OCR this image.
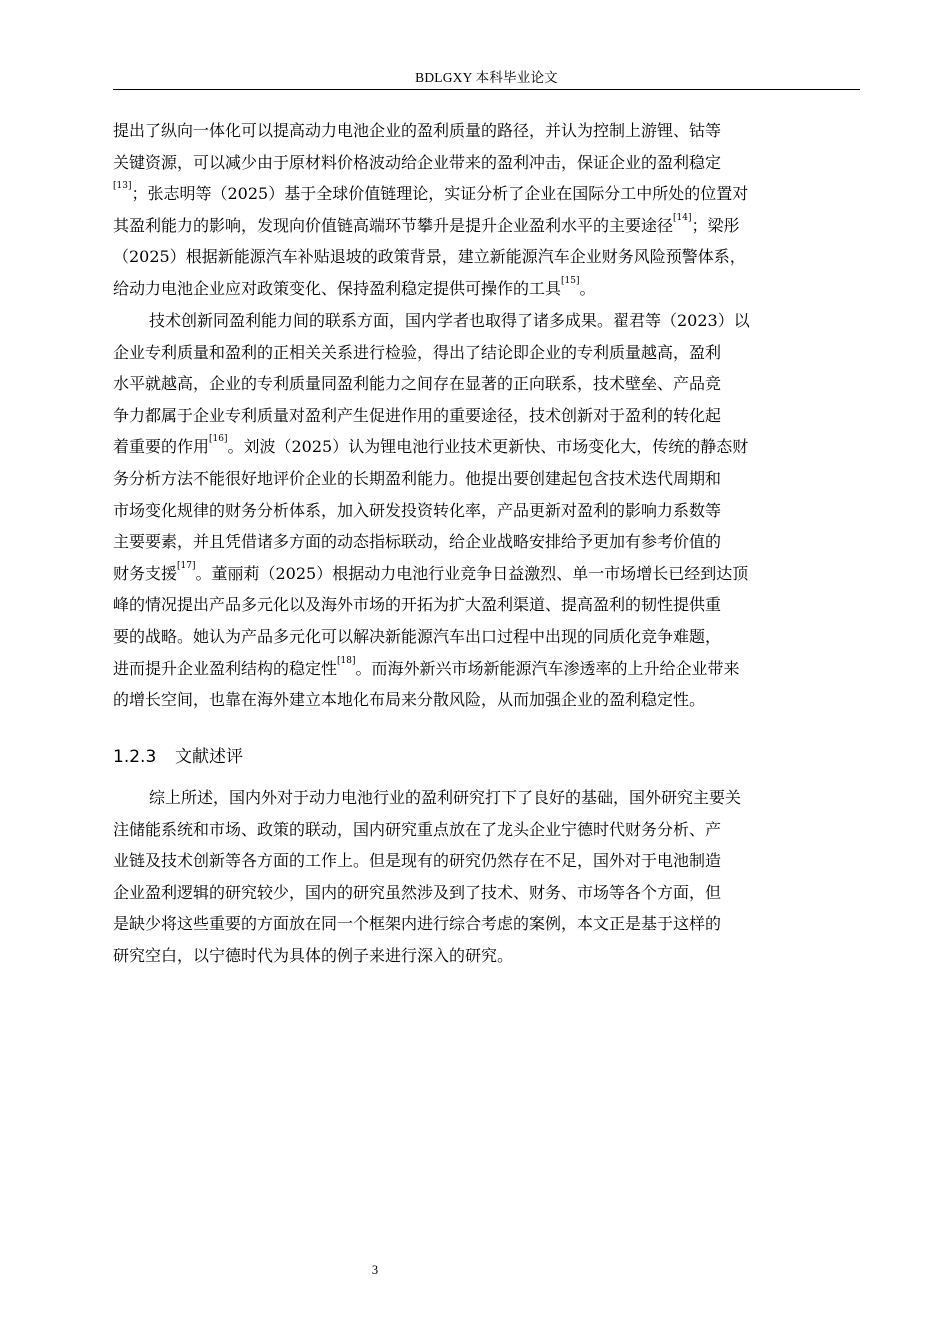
BDLGXY 本科毕业论文
提出了纵向一体化可以提高动力电池企业的盈利质量的路径，并认为控制上游锂、钴等
关键资源，可以减少由于原材料价格波动给企业带来的盈利冲击，保证企业的盈利稳定
[13]；张志明等（2025）基于全球价值链理论，实证分析了企业在国际分工中所处的位置对
其盈利能力的影响，发现向价值链高端环节攀升是提升企业盈利水平的主要途径[14]；梁彤
（2025）根据新能源汽车补贴退坡的政策背景，建立新能源汽车企业财务风险预警体系，
给动力电池企业应对政策变化、保持盈利稳定提供可操作的工具[15]。
技术创新同盈利能力间的联系方面，国内学者也取得了诸多成果。翟君等（2023）以
企业专利质量和盈利的正相关关系进行检验，得出了结论即企业的专利质量越高，盈利
水平就越高，企业的专利质量同盈利能力之间存在显著的正向联系，技术壁垒、产品竞
争力都属于企业专利质量对盈利产生促进作用的重要途径，技术创新对于盈利的转化起
着重要的作用[16]。刘波（2025）认为锂电池行业技术更新快、市场变化大，传统的静态财
务分析方法不能很好地评价企业的长期盈利能力。他提出要创建起包含技术迭代周期和
市场变化规律的财务分析体系，加入研发投资转化率，产品更新对盈利的影响力系数等
主要要素，并且凭借诸多方面的动态指标联动，给企业战略安排给予更加有参考价值的
财务支援[17]。董丽莉（2025）根据动力电池行业竞争日益激烈、单一市场增长已经到达顶
峰的情况提出产品多元化以及海外市场的开拓为扩大盈利渠道、提高盈利的韧性提供重
要的战略。她认为产品多元化可以解决新能源汽车出口过程中出现的同质化竞争难题，
进而提升企业盈利结构的稳定性[18]。而海外新兴市场新能源汽车渗透率的上升给企业带来
的增长空间，也靠在海外建立本地化布局来分散风险，从而加强企业的盈利稳定性。
1.2.3 文献述评
综上所述，国内外对于动力电池行业的盈利研究打下了良好的基础，国外研究主要关
注储能系统和市场、政策的联动，国内研究重点放在了龙头企业宁德时代财务分析、产
业链及技术创新等各方面的工作上。但是现有的研究仍然存在不足，国外对于电池制造
企业盈利逻辑的研究较少，国内的研究虽然涉及到了技术、财务、市场等各个方面，但
是缺少将这些重要的方面放在同一个框架内进行综合考虑的案例，本文正是基于这样的
研究空白，以宁德时代为具体的例子来进行深入的研究。
3
